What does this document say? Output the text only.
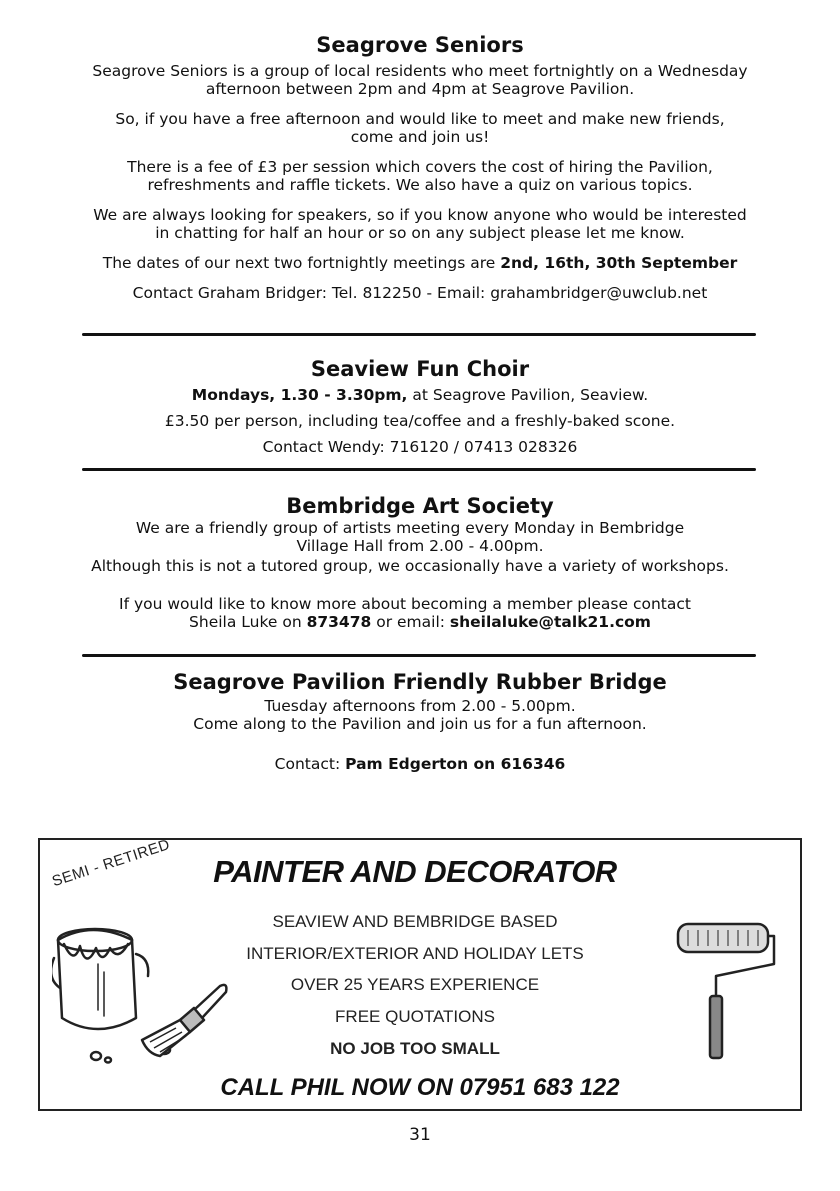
Seagrove Seniors

Seagrove Seniors is a group of local residents who meet fortnightly on a Wednesday

afternoon between 2pm and 4pm at Seagrove Pavilion.

So, if you have a free afternoon and would like to meet and make new friends,

come and join us!

There is a fee of £3 per session which covers the cost of hiring the Pavilion,

refreshments and raffle tickets. We also have a quiz on various topics.

We are always looking for speakers, so if you know anyone who would be interested

in chatting for half an hour or so on any subject please let me know.

The dates of our next two fortnightly meetings are 2nd, 16th, 30th September

Contact Graham Bridger: Tel. 812250 - Email: grahambridger@uwclub.net

Seaview Fun Choir

Mondays, 1.30 - 3.30pm, at Seagrove Pavilion, Seaview.

£3.50 per person, including tea/coffee and a freshly-baked scone.

Contact Wendy: 716120 / 07413 028326

Bembridge Art Society

We are a friendly group of artists meeting every Monday in Bembridge

Village Hall from 2.00 - 4.00pm.

Although this is not a tutored group, we occasionally have a variety of workshops.

If you would like to know more about becoming a member please contact

Sheila Luke on 873478 or email: sheilaluke@talk21.com

Seagrove Pavilion Friendly Rubber Bridge

Tuesday afternoons from 2.00 - 5.00pm.

Come along to the Pavilion and join us for a fun afternoon.

Contact: Pam Edgerton on 616346

SEMI - RETIRED PAINTER AND DECORATOR
SEAVIEW AND BEMBRIDGE BASED
INTERIOR/EXTERIOR AND HOLIDAY LETS
OVER 25 YEARS EXPERIENCE
FREE QUOTATIONS
NO JOB TOO SMALL
CALL PHIL NOW ON 07951 683 122
31
